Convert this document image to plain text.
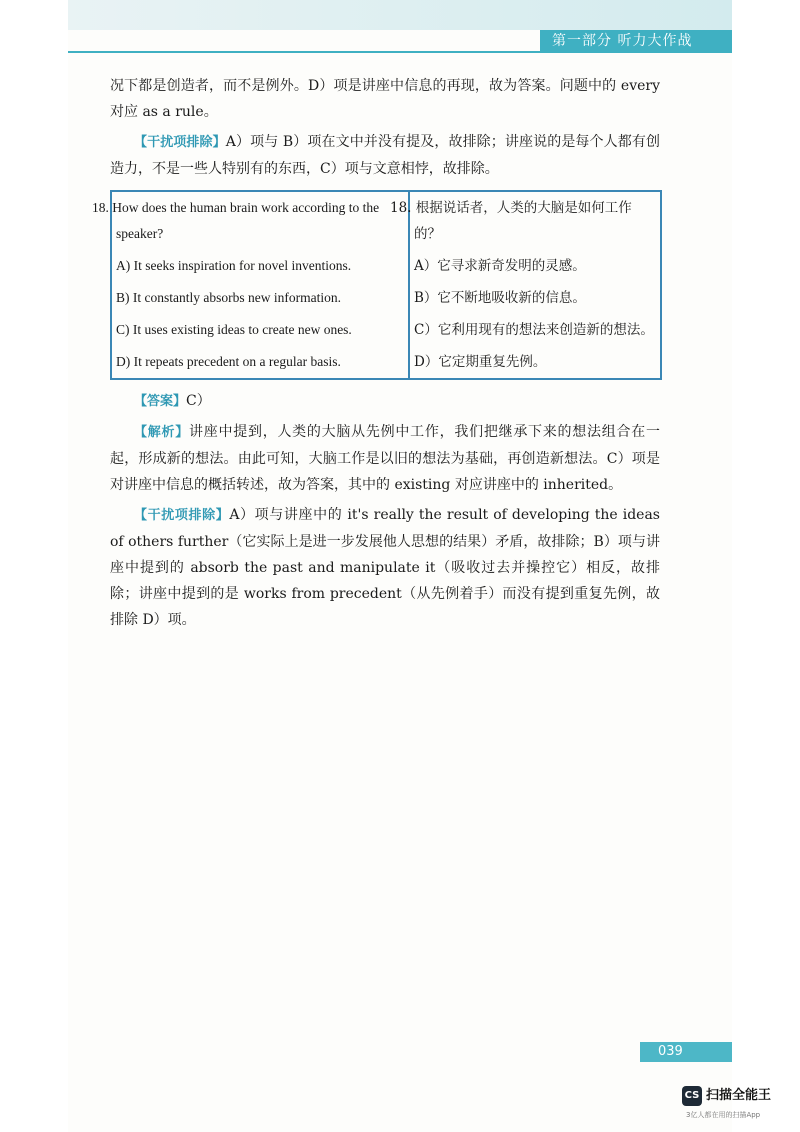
第一部分 听力大作战

况下都是创造者，而不是例外。D）项是讲座中信息的再现，故为答案。问题中的 every 对应 as a rule。

【干扰项排除】A）项与 B）项在文中并没有提及，故排除；讲座说的是每个人都有创造力，不是一些人特别有的东西，C）项与文意相悖，故排除。

18. How does the human brain work according to the speaker?	18. 根据说话者，人类的大脑是如何工作的？
A) It seeks inspiration for novel inventions.	A）它寻求新奇发明的灵感。
B) It constantly absorbs new information.	B）它不断地吸收新的信息。
C) It uses existing ideas to create new ones.	C）它利用现有的想法来创造新的想法。
D) It repeats precedent on a regular basis.	D）它定期重复先例。

【答案】C）

【解析】讲座中提到，人类的大脑从先例中工作，我们把继承下来的想法组合在一起，形成新的想法。由此可知，大脑工作是以旧的想法为基础，再创造新想法。C）项是对讲座中信息的概括转述，故为答案，其中的 existing 对应讲座中的 inherited。

【干扰项排除】A）项与讲座中的 it's really the result of developing the ideas of others further（它实际上是进一步发展他人思想的结果）矛盾，故排除；B）项与讲座中提到的 absorb the past and manipulate it（吸收过去并操控它）相反，故排除；讲座中提到的是 works from precedent（从先例着手）而没有提到重复先例，故排除 D）项。

039
CS 扫描全能王
3亿人都在用的扫描App
